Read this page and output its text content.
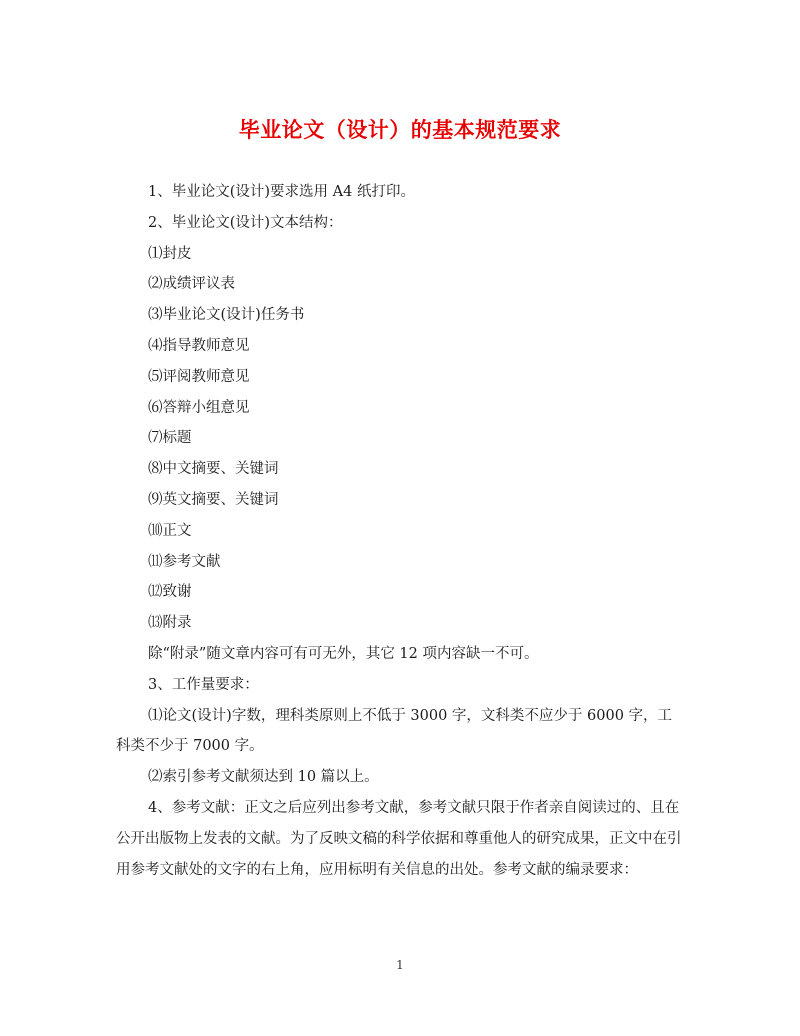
毕业论文（设计）的基本规范要求

1、毕业论文(设计)要求选用 A4 纸打印。

2、毕业论文(设计)文本结构：

⑴封皮

⑵成绩评议表

⑶毕业论文(设计)任务书

⑷指导教师意见

⑸评阅教师意见

⑹答辩小组意见

⑺标题

⑻中文摘要、关键词

⑼英文摘要、关键词

⑽正文

⑾参考文献

⑿致谢

⒀附录

除“附录”随文章内容可有可无外，其它 12 项内容缺一不可。

3、工作量要求：

⑴论文(设计)字数，理科类原则上不低于 3000 字，文科类不应少于 6000 字，工科类不少于 7000 字。

⑵索引参考文献须达到 10 篇以上。

4、参考文献：正文之后应列出参考文献，参考文献只限于作者亲自阅读过的、且在公开出版物上发表的文献。为了反映文稿的科学依据和尊重他人的研究成果，正文中在引用参考文献处的文字的右上角，应用标明有关信息的出处。参考文献的编录要求：

1
